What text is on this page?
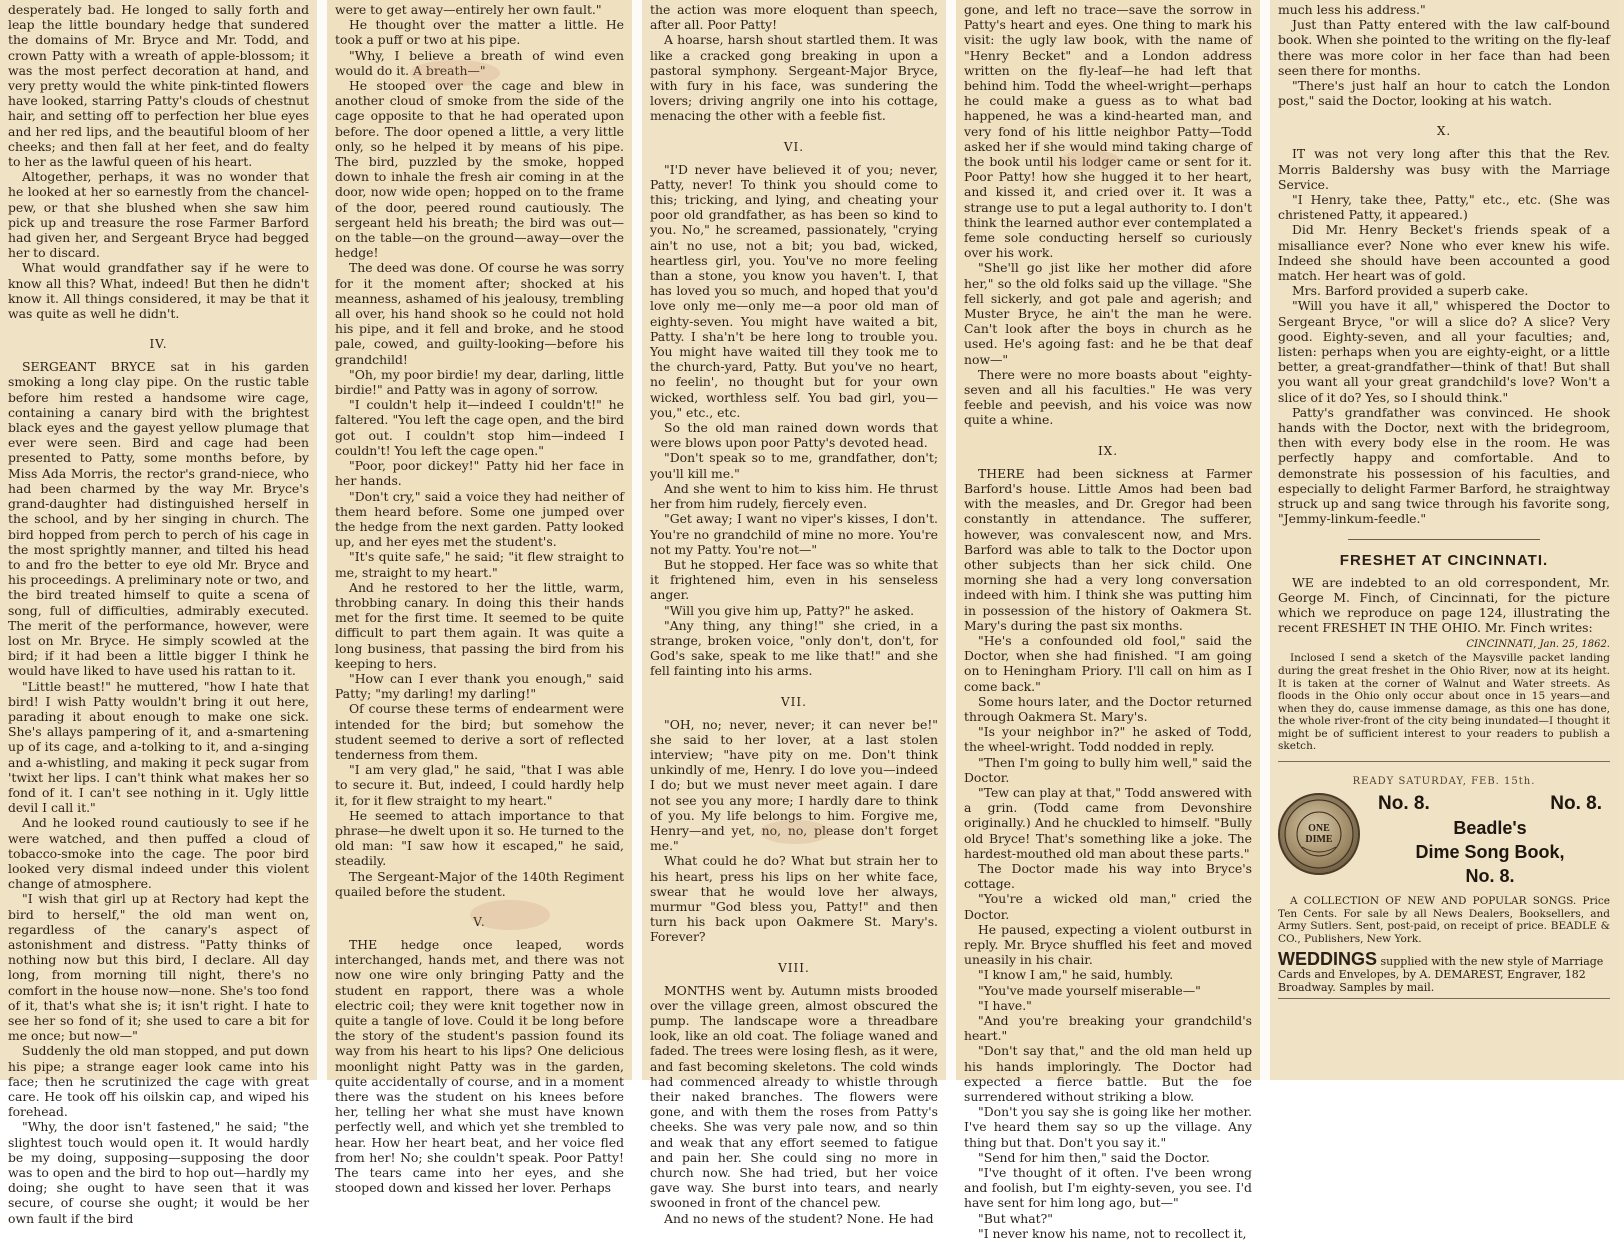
desperately bad. He longed to sally forth and leap the little boundary hedge that sundered the domains of Mr. Bryce and Mr. Todd, and crown Patty with a wreath of apple-blossom; it was the most perfect decoration at hand, and very pretty would the white pink-tinted flowers have looked, starring Patty's clouds of chestnut hair, and setting off to perfection her blue eyes and her red lips, and the beautiful bloom of her cheeks; and then fall at her feet, and do fealty to her as the lawful queen of his heart.

Altogether, perhaps, it was no wonder that he looked at her so earnestly from the chancel-pew, or that she blushed when she saw him pick up and treasure the rose Farmer Barford had given her, and Sergeant Bryce had begged her to discard.

What would grandfather say if he were to know all this? What, indeed! But then he didn't know it. All things considered, it may be that it was quite as well he didn't.

IV.

SERGEANT BRYCE sat in his garden smoking a long clay pipe. On the rustic table before him rested a handsome wire cage, containing a canary bird with the brightest black eyes and the gayest yellow plumage that ever were seen. Bird and cage had been presented to Patty, some months before, by Miss Ada Morris, the rector's grand-niece, who had been charmed by the way Mr. Bryce's grand-daughter had distinguished herself in the school, and by her singing in church. The bird hopped from perch to perch of his cage in the most sprightly manner, and tilted his head to and fro the better to eye old Mr. Bryce and his proceedings. A preliminary note or two, and the bird treated himself to quite a scena of song, full of difficulties, admirably executed. The merit of the performance, however, were lost on Mr. Bryce. He simply scowled at the bird; if it had been a little bigger I think he would have liked to have used his rattan to it.

"Little beast!" he muttered, "how I hate that bird! I wish Patty wouldn't bring it out here, parading it about enough to make one sick. She's allays pampering of it, and a-smartening up of its cage, and a-tolking to it, and a-singing and a-whistling, and making it peck sugar from 'twixt her lips. I can't think what makes her so fond of it. I can't see nothing in it. Ugly little devil I call it."

And he looked round cautiously to see if he were watched, and then puffed a cloud of tobacco-smoke into the cage. The poor bird looked very dismal indeed under this violent change of atmosphere.

"I wish that girl up at Rectory had kept the bird to herself," the old man went on, regardless of the canary's aspect of astonishment and distress. "Patty thinks of nothing now but this bird, I declare. All day long, from morning till night, there's no comfort in the house now—none. She's too fond of it, that's what she is; it isn't right. I hate to see her so fond of it; she used to care a bit for me once; but now—"

Suddenly the old man stopped, and put down his pipe; a strange eager look came into his face; then he scrutinized the cage with great care. He took off his oilskin cap, and wiped his forehead.

"Why, the door isn't fastened," he said; "the slightest touch would open it. It would hardly be my doing, supposing—supposing the door was to open and the bird to hop out—hardly my doing; she ought to have seen that it was secure, of course she ought; it would be her own fault if the bird

were to get away—entirely her own fault."

He thought over the matter a little. He took a puff or two at his pipe.

"Why, I believe a breath of wind even would do it. A breath—"

He stooped over the cage and blew in another cloud of smoke from the side of the cage opposite to that he had operated upon before. The door opened a little, a very little only, so he helped it by means of his pipe. The bird, puzzled by the smoke, hopped down to inhale the fresh air coming in at the door, now wide open; hopped on to the frame of the door, peered round cautiously. The sergeant held his breath; the bird was out—on the table—on the ground—away—over the hedge!

The deed was done. Of course he was sorry for it the moment after; shocked at his meanness, ashamed of his jealousy, trembling all over, his hand shook so he could not hold his pipe, and it fell and broke, and he stood pale, cowed, and guilty-looking—before his grandchild!

"Oh, my poor birdie! my dear, darling, little birdie!" and Patty was in agony of sorrow.

"I couldn't help it—indeed I couldn't!" he faltered. "You left the cage open, and the bird got out. I couldn't stop him—indeed I couldn't! You left the cage open."

"Poor, poor dickey!" Patty hid her face in her hands.

"Don't cry," said a voice they had neither of them heard before. Some one jumped over the hedge from the next garden. Patty looked up, and her eyes met the student's.

"It's quite safe," he said; "it flew straight to me, straight to my heart."

And he restored to her the little, warm, throbbing canary. In doing this their hands met for the first time. It seemed to be quite difficult to part them again. It was quite a long business, that passing the bird from his keeping to hers.

"How can I ever thank you enough," said Patty; "my darling! my darling!"

Of course these terms of endearment were intended for the bird; but somehow the student seemed to derive a sort of reflected tenderness from them.

"I am very glad," he said, "that I was able to secure it. But, indeed, I could hardly help it, for it flew straight to my heart."

He seemed to attach importance to that phrase—he dwelt upon it so. He turned to the old man: "I saw how it escaped," he said, steadily.

The Sergeant-Major of the 140th Regiment quailed before the student.

V.

THE hedge once leaped, words interchanged, hands met, and there was not now one wire only bringing Patty and the student en rapport, there was a whole electric coil; they were knit together now in quite a tangle of love. Could it be long before the story of the student's passion found its way from his heart to his lips? One delicious moonlight night Patty was in the garden, quite accidentally of course, and in a moment there was the student on his knees before her, telling her what she must have known perfectly well, and which yet she trembled to hear. How her heart beat, and her voice fled from her! No; she couldn't speak. Poor Patty! The tears came into her eyes, and she stooped down and kissed her lover. Perhaps

the action was more eloquent than speech, after all. Poor Patty!

A hoarse, harsh shout startled them. It was like a cracked gong breaking in upon a pastoral symphony. Sergeant-Major Bryce, with fury in his face, was sundering the lovers; driving angrily one into his cottage, menacing the other with a feeble fist.

VI.

"I'D never have believed it of you; never, Patty, never! To think you should come to this; tricking, and lying, and cheating your poor old grandfather, as has been so kind to you. No," he screamed, passionately, "crying ain't no use, not a bit; you bad, wicked, heartless girl, you. You've no more feeling than a stone, you know you haven't. I, that has loved you so much, and hoped that you'd love only me—only me—a poor old man of eighty-seven. You might have waited a bit, Patty. I sha'n't be here long to trouble you. You might have waited till they took me to the church-yard, Patty. But you've no heart, no feelin', no thought but for your own wicked, worthless self. You bad girl, you—you," etc., etc.

So the old man rained down words that were blows upon poor Patty's devoted head.

"Don't speak so to me, grandfather, don't; you'll kill me."

And she went to him to kiss him. He thrust her from him rudely, fiercely even.

"Get away; I want no viper's kisses, I don't. You're no grandchild of mine no more. You're not my Patty. You're not—"

But he stopped. Her face was so white that it frightened him, even in his senseless anger.

"Will you give him up, Patty?" he asked.

"Any thing, any thing!" she cried, in a strange, broken voice, "only don't, don't, for God's sake, speak to me like that!" and she fell fainting into his arms.

VII.

"OH, no; never, never; it can never be!" she said to her lover, at a last stolen interview; "have pity on me. Don't think unkindly of me, Henry. I do love you—indeed I do; but we must never meet again. I dare not see you any more; I hardly dare to think of you. My life belongs to him. Forgive me, Henry—and yet, no, no, please don't forget me."

What could he do? What but strain her to his heart, press his lips on her white face, swear that he would love her always, murmur "God bless you, Patty!" and then turn his back upon Oakmere St. Mary's. Forever?

VIII.

MONTHS went by. Autumn mists brooded over the village green, almost obscured the pump. The landscape wore a threadbare look, like an old coat. The foliage waned and faded. The trees were losing flesh, as it were, and fast becoming skeletons. The cold winds had commenced already to whistle through their naked branches. The flowers were gone, and with them the roses from Patty's cheeks. She was very pale now, and so thin and weak that any effort seemed to fatigue and pain her. She could sing no more in church now. She had tried, but her voice gave way. She burst into tears, and nearly swooned in front of the chancel pew.

And no news of the student? None. He had

gone, and left no trace—save the sorrow in Patty's heart and eyes. One thing to mark his visit: the ugly law book, with the name of "Henry Becket" and a London address written on the fly-leaf—he had left that behind him. Todd the wheel-wright—perhaps he could make a guess as to what bad happened, he was a kind-hearted man, and very fond of his little neighbor Patty—Todd asked her if she would mind taking charge of the book until his lodger came or sent for it. Poor Patty! how she hugged it to her heart, and kissed it, and cried over it. It was a strange use to put a legal authority to. I don't think the learned author ever contemplated a feme sole conducting herself so curiously over his work.

"She'll go jist like her mother did afore her," so the old folks said up the village. "She fell sickerly, and got pale and agerish; and Muster Bryce, he ain't the man he were. Can't look after the boys in church as he used. He's agoing fast: and he be that deaf now—"

There were no more boasts about "eighty-seven and all his faculties." He was very feeble and peevish, and his voice was now quite a whine.

IX.

THERE had been sickness at Farmer Barford's house. Little Amos had been bad with the measles, and Dr. Gregor had been constantly in attendance. The sufferer, however, was convalescent now, and Mrs. Barford was able to talk to the Doctor upon other subjects than her sick child. One morning she had a very long conversation indeed with him. I think she was putting him in possession of the history of Oakmera St. Mary's during the past six months.

"He's a confounded old fool," said the Doctor, when she had finished. "I am going on to Heningham Priory. I'll call on him as I come back."

Some hours later, and the Doctor returned through Oakmera St. Mary's.

"Is your neighbor in?" he asked of Todd, the wheel-wright. Todd nodded in reply.

"Then I'm going to bully him well," said the Doctor.

"Tew can play at that," Todd answered with a grin. (Todd came from Devonshire originally.) And he chuckled to himself. "Bully old Bryce! That's something like a joke. The hardest-mouthed old man about these parts."

The Doctor made his way into Bryce's cottage.

"You're a wicked old man," cried the Doctor.

He paused, expecting a violent outburst in reply. Mr. Bryce shuffled his feet and moved uneasily in his chair.

"I know I am," he said, humbly.

"You've made yourself miserable—"

"I have."

"And you're breaking your grandchild's heart."

"Don't say that," and the old man held up his hands imploringly. The Doctor had expected a fierce battle. But the foe surrendered without striking a blow.

"Don't you say she is going like her mother. I've heard them say so up the village. Any thing but that. Don't you say it."

"Send for him then," said the Doctor.

"I've thought of it often. I've been wrong and foolish, but I'm eighty-seven, you see. I'd have sent for him long ago, but—"

"But what?"

"I never know his name, not to recollect it,

much less his address."

Just than Patty entered with the law calf-bound book. When she pointed to the writing on the fly-leaf there was more color in her face than had been seen there for months.

"There's just half an hour to catch the London post," said the Doctor, looking at his watch.

X.

IT was not very long after this that the Rev. Morris Baldershy was busy with the Marriage Service.

"I Henry, take thee, Patty," etc., etc. (She was christened Patty, it appeared.)

Did Mr. Henry Becket's friends speak of a misalliance ever? None who ever knew his wife. Indeed she should have been accounted a good match. Her heart was of gold.

Mrs. Barford provided a superb cake.

"Will you have it all," whispered the Doctor to Sergeant Bryce, "or will a slice do? A slice? Very good. Eighty-seven, and all your faculties; and, listen: perhaps when you are eighty-eight, or a little better, a great-grandfather—think of that! But shall you want all your great grandchild's love? Won't a slice of it do? Yes, so I should think."

Patty's grandfather was convinced. He shook hands with the Doctor, next with the bridegroom, then with every body else in the room. He was perfectly happy and comfortable. And to demonstrate his possession of his faculties, and especially to delight Farmer Barford, he straightway struck up and sang twice through his favorite song, "Jemmy-linkum-feedle."

FRESHET AT CINCINNATI.

WE are indebted to an old correspondent, Mr. George M. Finch, of Cincinnati, for the picture which we reproduce on page 124, illustrating the recent FRESHET IN THE OHIO. Mr. Finch writes:

CINCINNATI, Jan. 25, 1862.

Inclosed I send a sketch of the Maysville packet landing during the great freshet in the Ohio River, now at its height. It is taken at the corner of Walnut and Water streets. As floods in the Ohio only occur about once in 15 years—and when they do, cause immense damage, as this one has done, the whole river-front of the city being inundated—I thought it might be of sufficient interest to your readers to publish a sketch.

READY SATURDAY, FEB. 15th.
ONE
DIME
No. 8.	No. 8.
Beadle's
Dime Song Book,
No. 8.

A COLLECTION OF NEW AND POPULAR SONGS. Price Ten Cents. For sale by all News Dealers, Booksellers, and Army Sutlers. Sent, post-paid, on receipt of price. BEADLE & CO., Publishers, New York.

WEDDINGS supplied with the new style of Marriage Cards and Envelopes, by A. DEMAREST, Engraver, 182 Broadway. Samples by mail.
